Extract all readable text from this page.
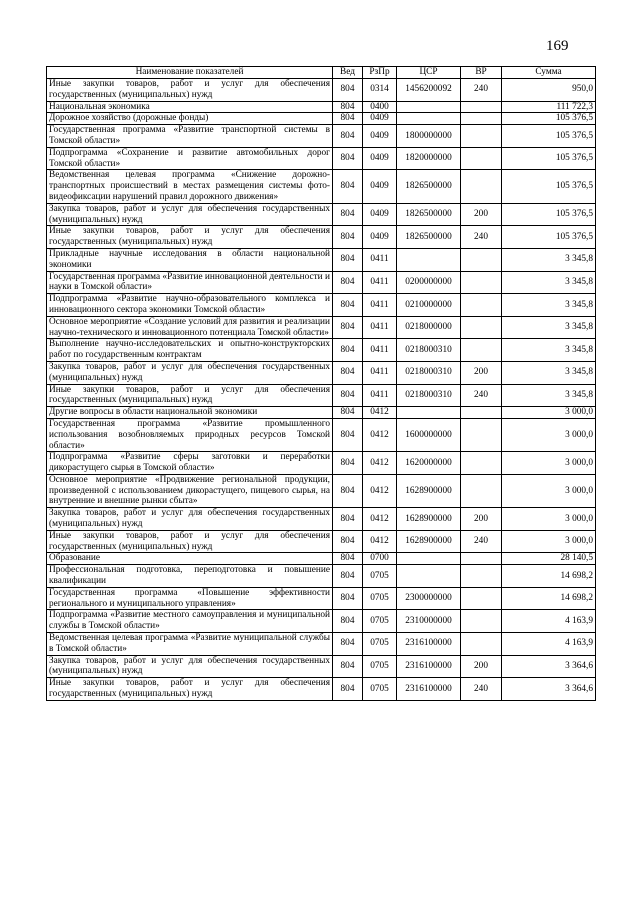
169
Наименование показателей	Вед	РзПр	ЦСР	ВР	Сумма
Иные закупки товаров, работ и услуг для обеспечения государственных (муниципальных) нужд	804	0314	1456200092	240	950,0
Национальная экономика	804	0400			111 722,3
Дорожное хозяйство (дорожные фонды)	804	0409			105 376,5
Государственная программа «Развитие транспортной системы в Томской области»	804	0409	1800000000		105 376,5
Подпрограмма «Сохранение и развитие автомобильных дорог Томской области»	804	0409	1820000000		105 376,5
Ведомственная целевая программа «Снижение дорожно-транспортных происшествий в местах размещения системы фото-видеофиксации нарушений правил дорожного движения»	804	0409	1826500000		105 376,5
Закупка товаров, работ и услуг для обеспечения государственных (муниципальных) нужд	804	0409	1826500000	200	105 376,5
Иные закупки товаров, работ и услуг для обеспечения государственных (муниципальных) нужд	804	0409	1826500000	240	105 376,5
Прикладные научные исследования в области национальной экономики	804	0411			3 345,8
Государственная программа «Развитие инновационной деятельности и науки в Томской области»	804	0411	0200000000		3 345,8
Подпрограмма «Развитие научно-образовательного комплекса и инновационного сектора экономики Томской области»	804	0411	0210000000		3 345,8
Основное мероприятие «Создание условий для развития и реализации научно-технического и инновационного потенциала Томской области»	804	0411	0218000000		3 345,8
Выполнение научно-исследовательских и опытно-конструкторских работ по государственным контрактам	804	0411	0218000310		3 345,8
Закупка товаров, работ и услуг для обеспечения государственных (муниципальных) нужд	804	0411	0218000310	200	3 345,8
Иные закупки товаров, работ и услуг для обеспечения государственных (муниципальных) нужд	804	0411	0218000310	240	3 345,8
Другие вопросы в области национальной экономики	804	0412			3 000,0
Государственная программа «Развитие промышленного использования возобновляемых природных ресурсов Томской области»	804	0412	1600000000		3 000,0
Подпрограмма «Развитие сферы заготовки и переработки дикорастущего сырья в Томской области»	804	0412	1620000000		3 000,0
Основное мероприятие «Продвижение региональной продукции, произведенной с использованием дикорастущего, пищевого сырья, на внутренние и внешние рынки сбыта»	804	0412	1628900000		3 000,0
Закупка товаров, работ и услуг для обеспечения государственных (муниципальных) нужд	804	0412	1628900000	200	3 000,0
Иные закупки товаров, работ и услуг для обеспечения государственных (муниципальных) нужд	804	0412	1628900000	240	3 000,0
Образование	804	0700			28 140,5
Профессиональная подготовка, переподготовка и повышение квалификации	804	0705			14 698,2
Государственная программа «Повышение эффективности регионального и муниципального управления»	804	0705	2300000000		14 698,2
Подпрограмма «Развитие местного самоуправления и муниципальной службы в Томской области»	804	0705	2310000000		4 163,9
Ведомственная целевая программа «Развитие муниципальной службы в Томской области»	804	0705	2316100000		4 163,9
Закупка товаров, работ и услуг для обеспечения государственных (муниципальных) нужд	804	0705	2316100000	200	3 364,6
Иные закупки товаров, работ и услуг для обеспечения государственных (муниципальных) нужд	804	0705	2316100000	240	3 364,6
